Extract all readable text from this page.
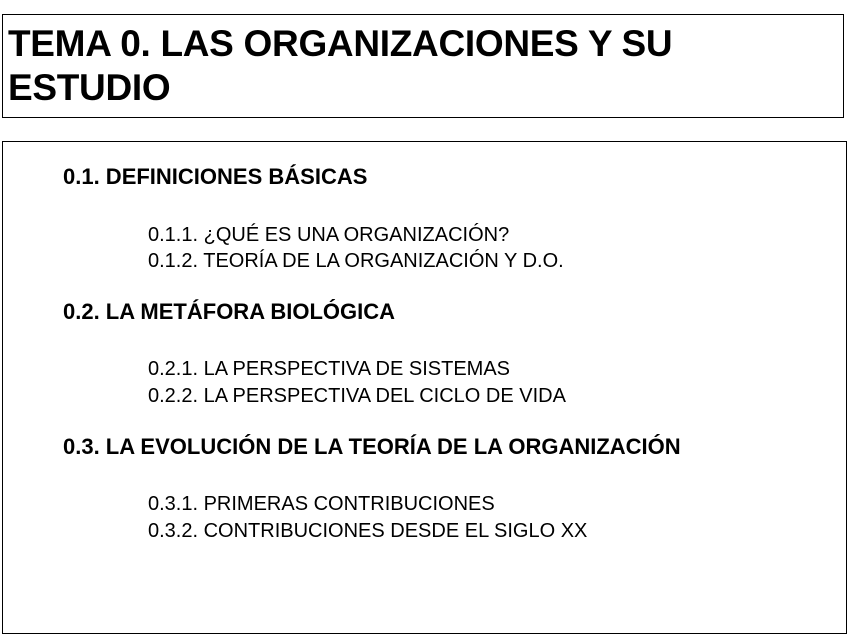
TEMA 0. LAS ORGANIZACIONES Y SU
ESTUDIO
0.1. DEFINICIONES BÁSICAS

0.1.1. ¿QUÉ ES UNA ORGANIZACIÓN?

0.1.2. TEORÍA DE LA ORGANIZACIÓN Y D.O.

0.2. LA METÁFORA BIOLÓGICA

0.2.1. LA PERSPECTIVA DE SISTEMAS

0.2.2. LA PERSPECTIVA DEL CICLO DE VIDA

0.3. LA EVOLUCIÓN DE LA TEORÍA DE LA ORGANIZACIÓN

0.3.1. PRIMERAS CONTRIBUCIONES

0.3.2. CONTRIBUCIONES DESDE EL SIGLO XX
